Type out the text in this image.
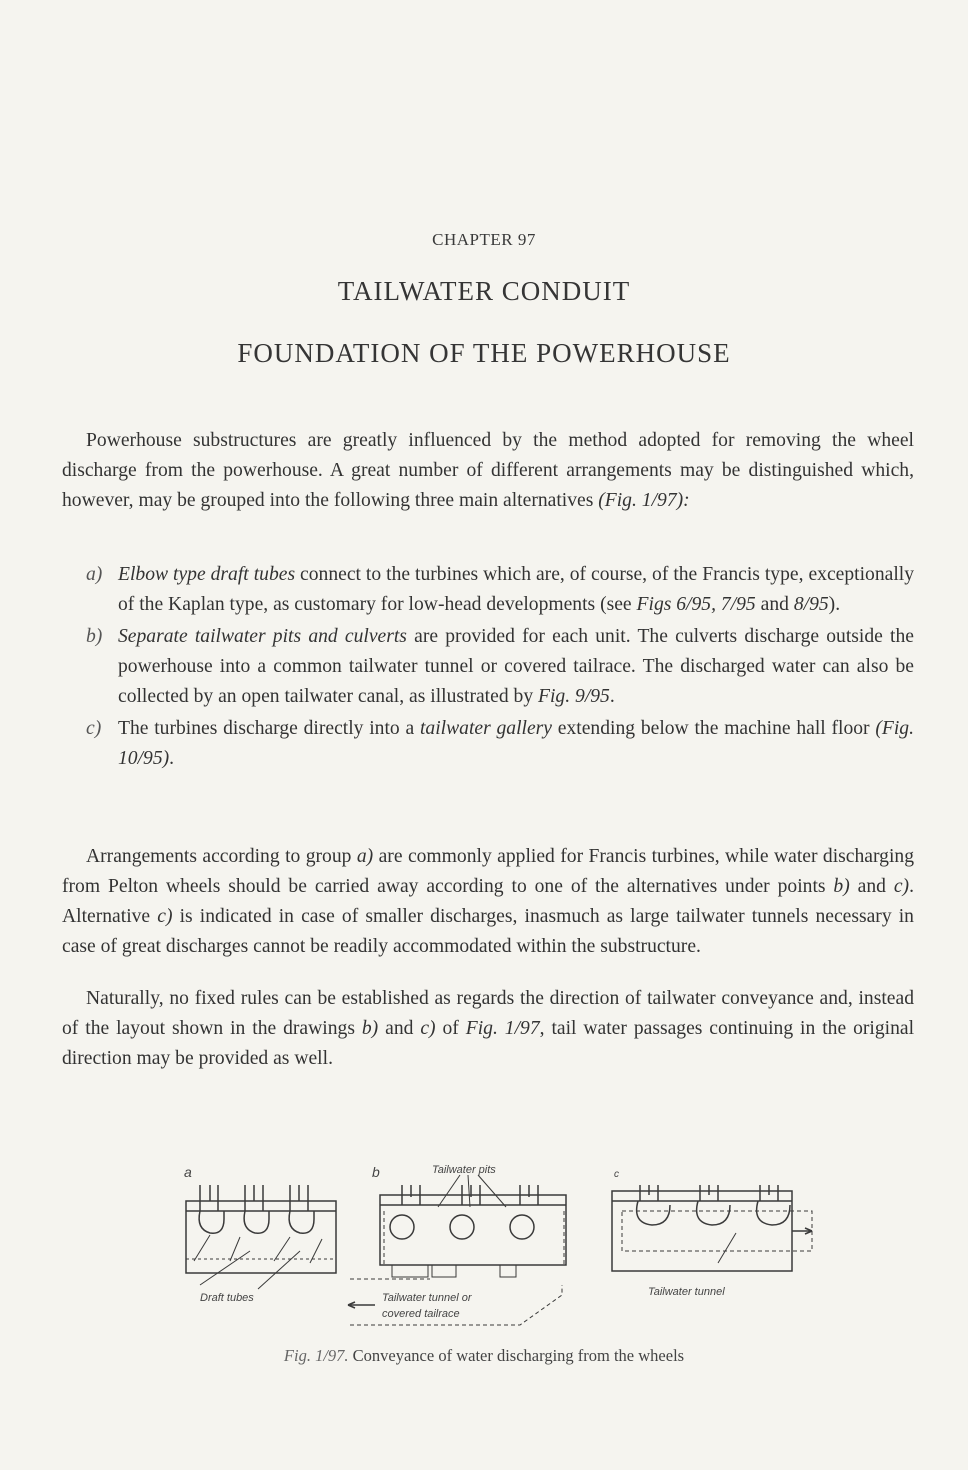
CHAPTER 97
TAILWATER CONDUIT
FOUNDATION OF THE POWERHOUSE
Powerhouse substructures are greatly influenced by the method adopted for removing the wheel discharge from the powerhouse. A great number of different arrangements may be distinguished which, however, may be grouped into the following three main alternatives (Fig. 1/97):
a) Elbow type draft tubes connect to the turbines which are, of course, of the Francis type, exceptionally of the Kaplan type, as customary for low-head developments (see Figs 6/95, 7/95 and 8/95).
b) Separate tailwater pits and culverts are provided for each unit. The culverts discharge outside the powerhouse into a common tailwater tunnel or covered tailrace. The discharged water can also be collected by an open tailwater canal, as illustrated by Fig. 9/95.
c) The turbines discharge directly into a tailwater gallery extending below the machine hall floor (Fig. 10/95).
Arrangements according to group a) are commonly applied for Francis turbines, while water discharging from Pelton wheels should be carried away according to one of the alternatives under points b) and c). Alternative c) is indicated in case of smaller discharges, inasmuch as large tailwater tunnels necessary in case of great discharges cannot be readily accommodated within the substructure.
Naturally, no fixed rules can be established as regards the direction of tailwater conveyance and, instead of the layout shown in the drawings b) and c) of Fig. 1/97, tail water passages continuing in the original direction may be provided as well.
a	b	c
Tailwater pits
Draft tubes	Tailwater tunnel or
covered tailrace
Tailwater tunnel
Fig. 1/97. Conveyance of water discharging from the wheels
